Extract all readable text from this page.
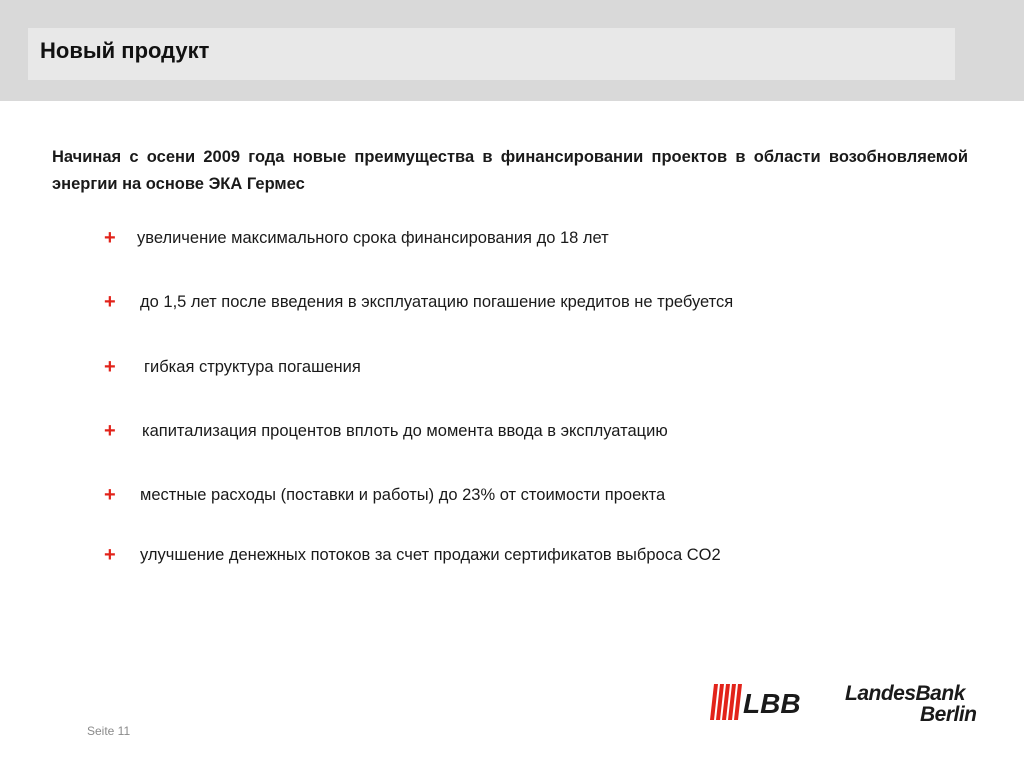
Новый продукт

Начиная с осени 2009 года новые преимущества в финансировании проектов в области возобновляемой энергии на основе ЭКА Гермес

+ увеличение максимального срока финансирования до 18 лет
+ до 1,5 лет после введения в эксплуатацию погашение кредитов не требуется
+ гибкая структура погашения
+ капитализация процентов вплоть до момента ввода в эксплуатацию
+ местные расходы (поставки и работы) до 23% от стоимости проекта
+ улучшение денежных потоков за счет продажи сертификатов выброса CO2
LBB LandesBank
Berlin
Seite 11
